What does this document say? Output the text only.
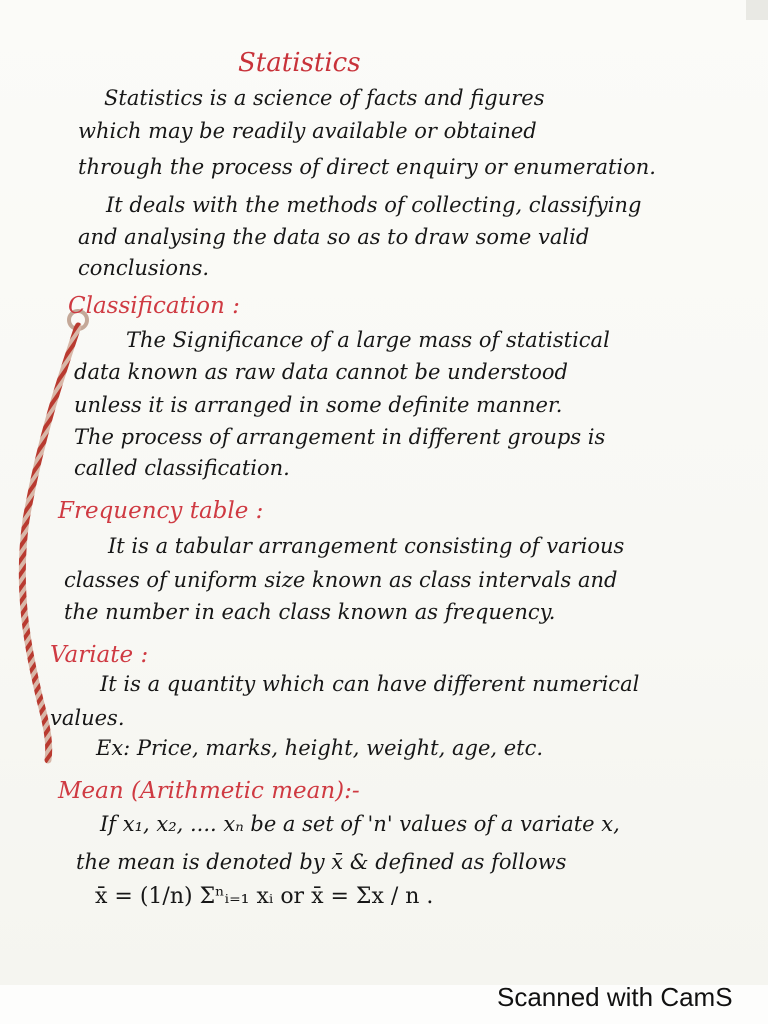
Statistics

Statistics is a science of facts and figures

which may be readily available or obtained

through the process of direct enquiry or enumeration.

It deals with the methods of collecting, classifying

and analysing the data so as to draw some valid

conclusions.

Classification :

The Significance of a large mass of statistical

data known as raw data cannot be understood

unless it is arranged in some definite manner.

The process of arrangement in different groups is

called classification.

Frequency table :

It is a tabular arrangement consisting of various

classes of uniform size known as class intervals and

the number in each class known as frequency.

Variate :

It is a quantity which can have different numerical

values.

Ex: Price, marks, height, weight, age, etc.

Mean (Arithmetic mean):-

If x₁, x₂, .... xₙ be a set of 'n' values of a variate x,

the mean is denoted by x̄ & defined as follows

x̄ = (1/n) Σⁿᵢ₌₁ xᵢ or x̄ = Σx / n .
Scanned with CamS
